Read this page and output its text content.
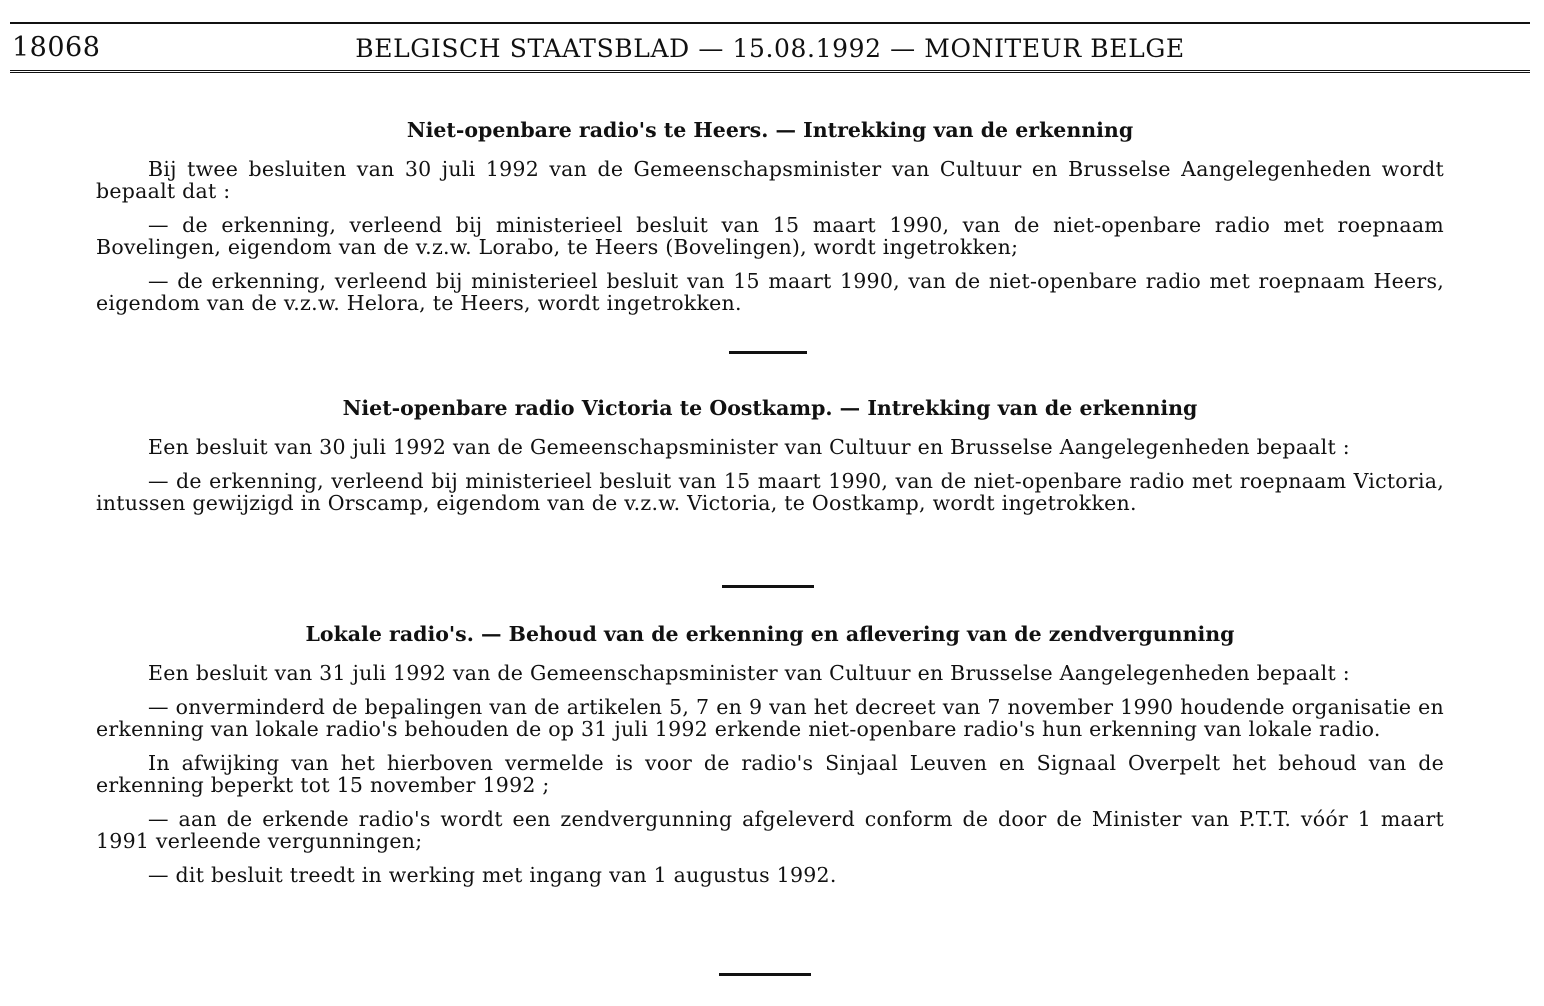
18068	BELGISCH STAATSBLAD — 15.08.1992 — MONITEUR BELGE
Niet-openbare radio's te Heers. — Intrekking van de erkenning

Bij twee besluiten van 30 juli 1992 van de Gemeenschapsminister van Cultuur en Brusselse Aangelegenheden wordt bepaalt dat :

— de erkenning, verleend bij ministerieel besluit van 15 maart 1990, van de niet-openbare radio met roepnaam Bovelingen, eigendom van de v.z.w. Lorabo, te Heers (Bovelingen), wordt ingetrokken;

— de erkenning, verleend bij ministerieel besluit van 15 maart 1990, van de niet-openbare radio met roepnaam Heers, eigendom van de v.z.w. Helora, te Heers, wordt ingetrokken.

Niet-openbare radio Victoria te Oostkamp. — Intrekking van de erkenning

Een besluit van 30 juli 1992 van de Gemeenschapsminister van Cultuur en Brusselse Aangelegenheden bepaalt :

— de erkenning, verleend bij ministerieel besluit van 15 maart 1990, van de niet-openbare radio met roepnaam Victoria, intussen gewijzigd in Orscamp, eigendom van de v.z.w. Victoria, te Oostkamp, wordt ingetrokken.

Lokale radio's. — Behoud van de erkenning en aflevering van de zendvergunning

Een besluit van 31 juli 1992 van de Gemeenschapsminister van Cultuur en Brusselse Aangelegenheden bepaalt :

— onverminderd de bepalingen van de artikelen 5, 7 en 9 van het decreet van 7 november 1990 houdende organisatie en erkenning van lokale radio's behouden de op 31 juli 1992 erkende niet-openbare radio's hun erkenning van lokale radio.

In afwijking van het hierboven vermelde is voor de radio's Sinjaal Leuven en Signaal Overpelt het behoud van de erkenning beperkt tot 15 november 1992 ;

— aan de erkende radio's wordt een zendvergunning afgeleverd conform de door de Minister van P.T.T. vóór 1 maart 1991 verleende vergunningen;

— dit besluit treedt in werking met ingang van 1 augustus 1992.
